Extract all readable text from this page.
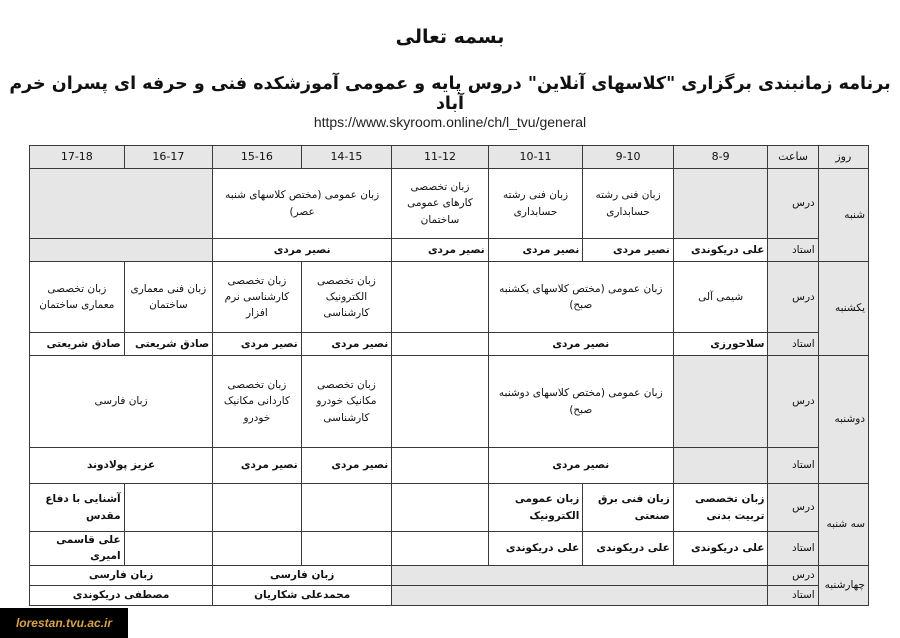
بسمه تعالی
برنامه زمانبندی برگزاری "کلاسهای آنلاین" دروس پایه و عمومی آموزشکده فنی و حرفه ای پسران خرم آباد
https://www.skyroom.online/ch/l_tvu/general
روز	ساعت	8-9	9-10	10-11	11-12	14-15	15-16	16-17	17-18
شنبه	درس		زبان فنی رشته حسابداری	زبان فنی رشته حسابداری	زبان تخصصی کارهای عمومی ساختمان	زبان عمومی (مختص کلاسهای شنبه عصر)			
	استاد	علی دریکوندی	نصیر مردی	نصیر مردی	نصیر مردی	نصیر مردی			
یکشنبه	درس	شیمی آلی	زبان عمومی (مختص کلاسهای یکشنبه صبح)			زبان تخصصی الکترونیک کارشناسی	زبان تخصصی کارشناسی نرم افزار	زبان فنی معماری ساختمان	زبان تخصصی معماری ساختمان
	استاد	سلاحورزی	نصیر مردی			نصیر مردی	نصیر مردی	صادق شریعتی	صادق شریعتی
دوشنبه	درس		زبان عمومی (مختص کلاسهای دوشنبه صبح)			زبان تخصصی مکانیک خودرو کارشناسی	زبان تخصصی کاردانی مکانیک خودرو	زبان فارسی	
	استاد		نصیر مردی			نصیر مردی	نصیر مردی	عزیز پولادوند	
سه شنبه	درس	زبان تخصصی تربیت بدنی	زبان فنی برق صنعتی	زبان عمومی الکترونیک					آشنایی با دفاع مقدس
	استاد	علی دریکوندی	علی دریکوندی	علی دریکوندی					علی قاسمی امیری
چهارشنبه	درس					زبان فارسی		زبان فارسی	
	استاد					محمدعلی شکاریان		مصطفی دریکوندی	
lorestan.tvu.ac.ir
